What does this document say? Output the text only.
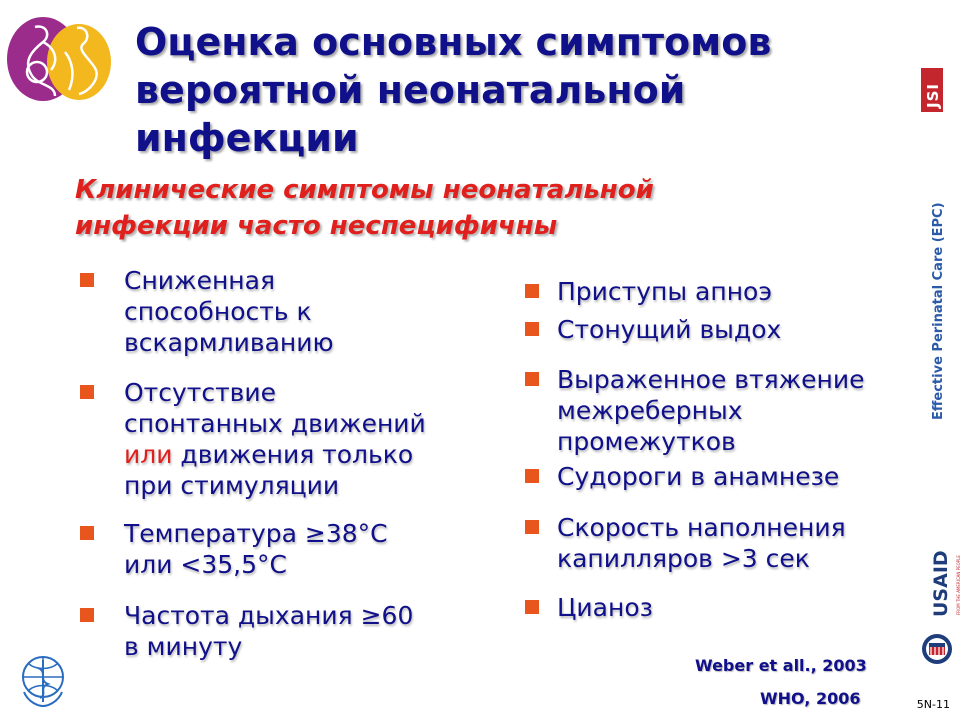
Оценка основных симптомов вероятной неонатальной инфекции
Клинические симптомы неонатальной инфекции часто неспецифичны
Сниженная
способность к
вскармливанию
Отсутствие
спонтанных движений
или движения только
при стимуляции
Температура ≥38°С
или <35,5°С
Частота дыхания ≥60
в минуту
Приступы апноэ
Стонущий выдох
Выраженное втяжение
межреберных
промежутков
Судороги в анамнезе
Скорость наполнения
капилляров >3 сек
Цианоз
Weber et all., 2003
WHO, 2006
JSI
Effective Perinatal Care (EPC)
USAID	FROM THE AMERICAN PEOPLE
5N-11
